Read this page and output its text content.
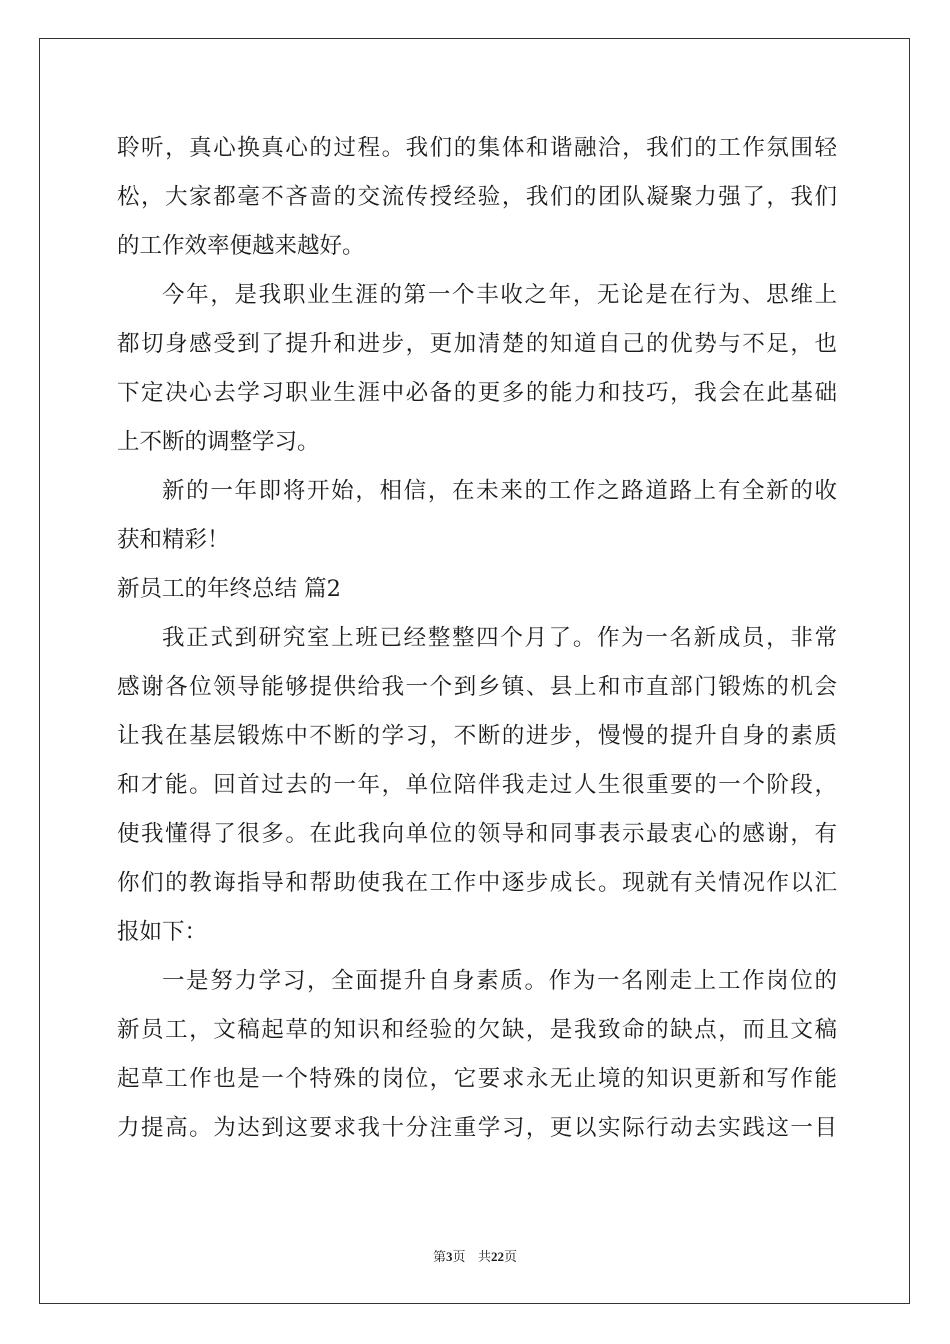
聆听，真心换真心的过程。我们的集体和谐融洽，我们的工作氛围轻
松，大家都毫不吝啬的交流传授经验，我们的团队凝聚力强了，我们
的工作效率便越来越好。
今年，是我职业生涯的第一个丰收之年，无论是在行为、思维上
都切身感受到了提升和进步，更加清楚的知道自己的优势与不足，也
下定决心去学习职业生涯中必备的更多的能力和技巧，我会在此基础
上不断的调整学习。
新的一年即将开始，相信，在未来的工作之路道路上有全新的收
获和精彩！
新员工的年终总结 篇2
我正式到研究室上班已经整整四个月了。作为一名新成员，非常
感谢各位领导能够提供给我一个到乡镇、县上和市直部门锻炼的机会
让我在基层锻炼中不断的学习，不断的进步，慢慢的提升自身的素质
和才能。回首过去的一年，单位陪伴我走过人生很重要的一个阶段，
使我懂得了很多。在此我向单位的领导和同事表示最衷心的感谢，有
你们的教诲指导和帮助使我在工作中逐步成长。现就有关情况作以汇
报如下：
一是努力学习，全面提升自身素质。作为一名刚走上工作岗位的
新员工，文稿起草的知识和经验的欠缺，是我致命的缺点，而且文稿
起草工作也是一个特殊的岗位，它要求永无止境的知识更新和写作能
力提高。为达到这要求我十分注重学习，更以实际行动去实践这一目
第3页 共22页
